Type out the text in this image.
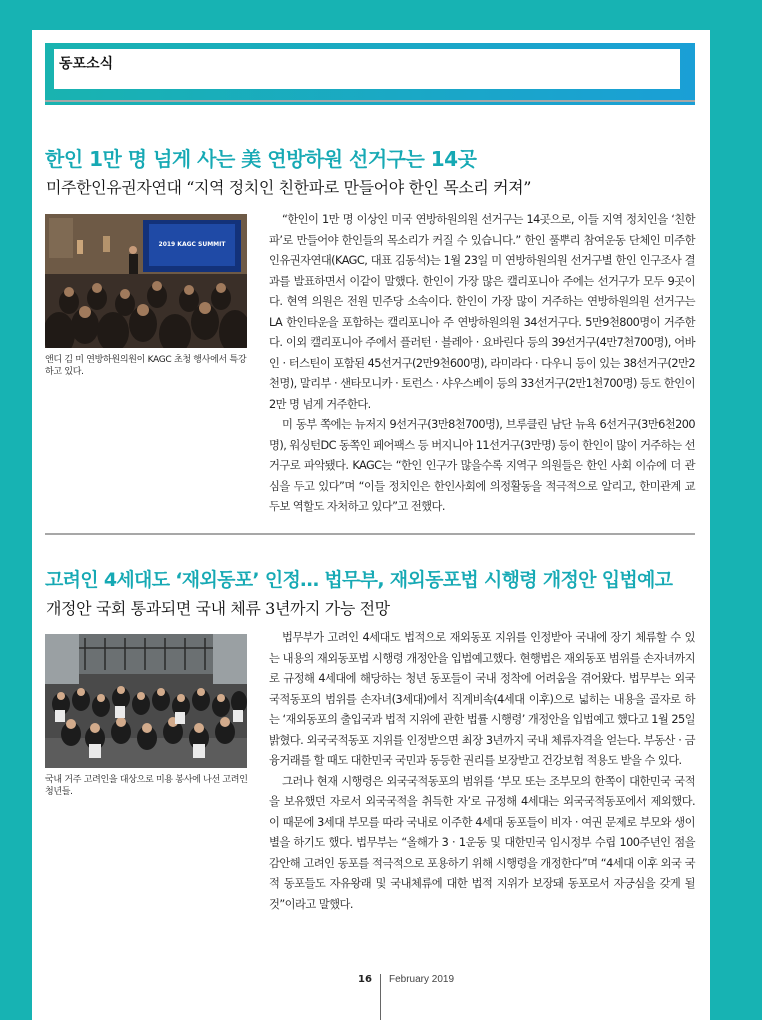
동포소식
한인 1만 명 넘게 사는 美 연방하원 선거구는 14곳
미주한인유권자연대 “지역 정치인 친한파로 만들어야 한인 목소리 커져”
2019 KAGC SUMMIT
앤디 김 미 연방하원의원이 KAGC 초청 행사에서 특강하고 있다.

“한인이 1만 명 이상인 미국 연방하원의원 선거구는 14곳으로, 이들 지역 정치인을 ‘친한파’로 만들어야 한인들의 목소리가 커질 수 있습니다.” 한인 풀뿌리 참여운동 단체인 미주한인유권자연대(KAGC, 대표 김동석)는 1월 23일 미 연방하원의원 선거구별 한인 인구조사 결과를 발표하면서 이같이 말했다. 한인이 가장 많은 캘리포니아 주에는 선거구가 모두 9곳이다. 현역 의원은 전원 민주당 소속이다. 한인이 가장 많이 거주하는 연방하원의원 선거구는 LA 한인타운을 포함하는 캘리포니아 주 연방하원의원 34선거구다. 5만9천800명이 거주한다. 이외 캘리포니아 주에서 플러턴 · 블레아 · 요바린다 등의 39선거구(4만7천700명), 어바인 · 터스틴이 포함된 45선거구(2만9천600명), 라미라다 · 다우니 등이 있는 38선거구(2만2천명), 말리부 · 샌타모니카 · 토런스 · 샤우스베이 등의 33선거구(2만1천700명) 등도 한인이 2만 명 넘게 거주한다.

미 동부 쪽에는 뉴저지 9선거구(3만8천700명), 브루클린 남단 뉴욕 6선거구(3만6천200명), 워싱턴DC 동쪽인 페어팩스 등 버지니아 11선거구(3만명) 등이 한인이 많이 거주하는 선거구로 파악됐다. KAGC는 “한인 인구가 많을수록 지역구 의원들은 한인 사회 이슈에 더 관심을 두고 있다”며 “이들 정치인은 한인사회에 의정활동을 적극적으로 알리고, 한미관계 교두보 역할도 자처하고 있다”고 전했다.

고려인 4세대도 ‘재외동포’ 인정… 법무부, 재외동포법 시행령 개정안 입법예고
개정안 국회 통과되면 국내 체류 3년까지 가능 전망
국내 거주 고려인을 대상으로 미용 봉사에 나선 고려인 청년들.

법무부가 고려인 4세대도 법적으로 재외동포 지위를 인정받아 국내에 장기 체류할 수 있는 내용의 재외동포법 시행령 개정안을 입법예고했다. 현행법은 재외동포 범위를 손자녀까지로 규정해 4세대에 해당하는 청년 동포들이 국내 정착에 어려움을 겪어왔다. 법무부는 외국국적동포의 범위를 손자녀(3세대)에서 직계비속(4세대 이후)으로 넓히는 내용을 골자로 하는 ‘재외동포의 출입국과 법적 지위에 관한 법률 시행령’ 개정안을 입법예고 했다고 1월 25일 밝혔다. 외국국적동포 지위를 인정받으면 최장 3년까지 국내 체류자격을 얻는다. 부동산 · 금융거래를 할 때도 대한민국 국민과 동등한 권리를 보장받고 건강보험 적용도 받을 수 있다.

그러나 현재 시행령은 외국국적동포의 범위를 ‘부모 또는 조부모의 한쪽이 대한민국 국적을 보유했던 자로서 외국국적을 취득한 자’로 규정해 4세대는 외국국적동포에서 제외했다. 이 때문에 3세대 부모를 따라 국내로 이주한 4세대 동포들이 비자 · 여권 문제로 부모와 생이별을 하기도 했다. 법무부는 “올해가 3 · 1운동 및 대한민국 임시정부 수립 100주년인 점을 감안해 고려인 동포를 적극적으로 포용하기 위해 시행령을 개정한다”며 “4세대 이후 외국 국적 동포들도 자유왕래 및 국내체류에 대한 법적 지위가 보장돼 동포로서 자긍심을 갖게 될 것”이라고 말했다.

16 February 2019
